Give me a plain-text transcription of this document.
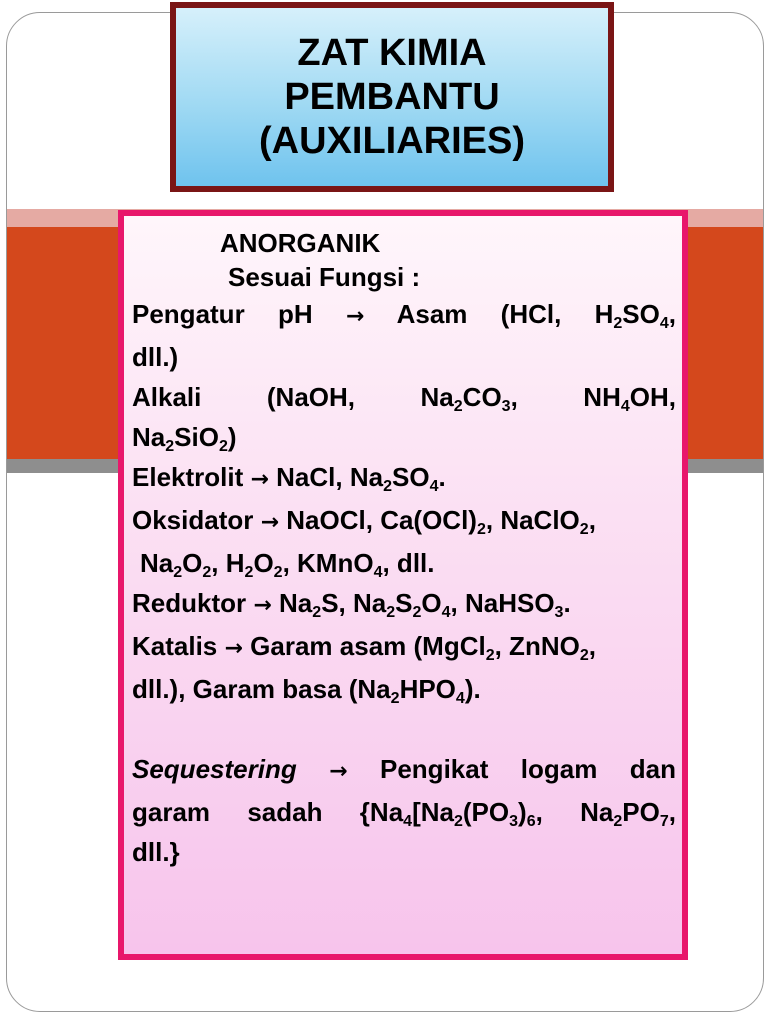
ZAT KIMIA
PEMBANTU
(AUXILIARIES)

ANORGANIK

Sesuai Fungsi :

Pengatur pH → Asam (HCl, $H_2SO_4$,

dll.)

Alkali	(NaOH, $Na_2CO_3$, $NH_4OH$,

$Na_2SiO_2$)

Elektrolit → NaCl, $Na_2SO_4$.

Oksidator → NaOCl, $Ca(OCl)_2$, NaClO$_2$,

$Na_2O_2$, $H_2O_2$, KMnO$_4$, dll.

Reduktor → $Na_2S$, $Na_2S_2O_4$, NaHSO$_3$.

Katalis → Garam asam (MgCl$_2$, ZnNO$_2$,

dll.), Garam basa $(Na_2HPO_4)$.

Sequestering → Pengikat logam dan

garam sadah {$Na_4[Na_2(PO_3)_6$, $Na_2PO_7$,

dll.}
